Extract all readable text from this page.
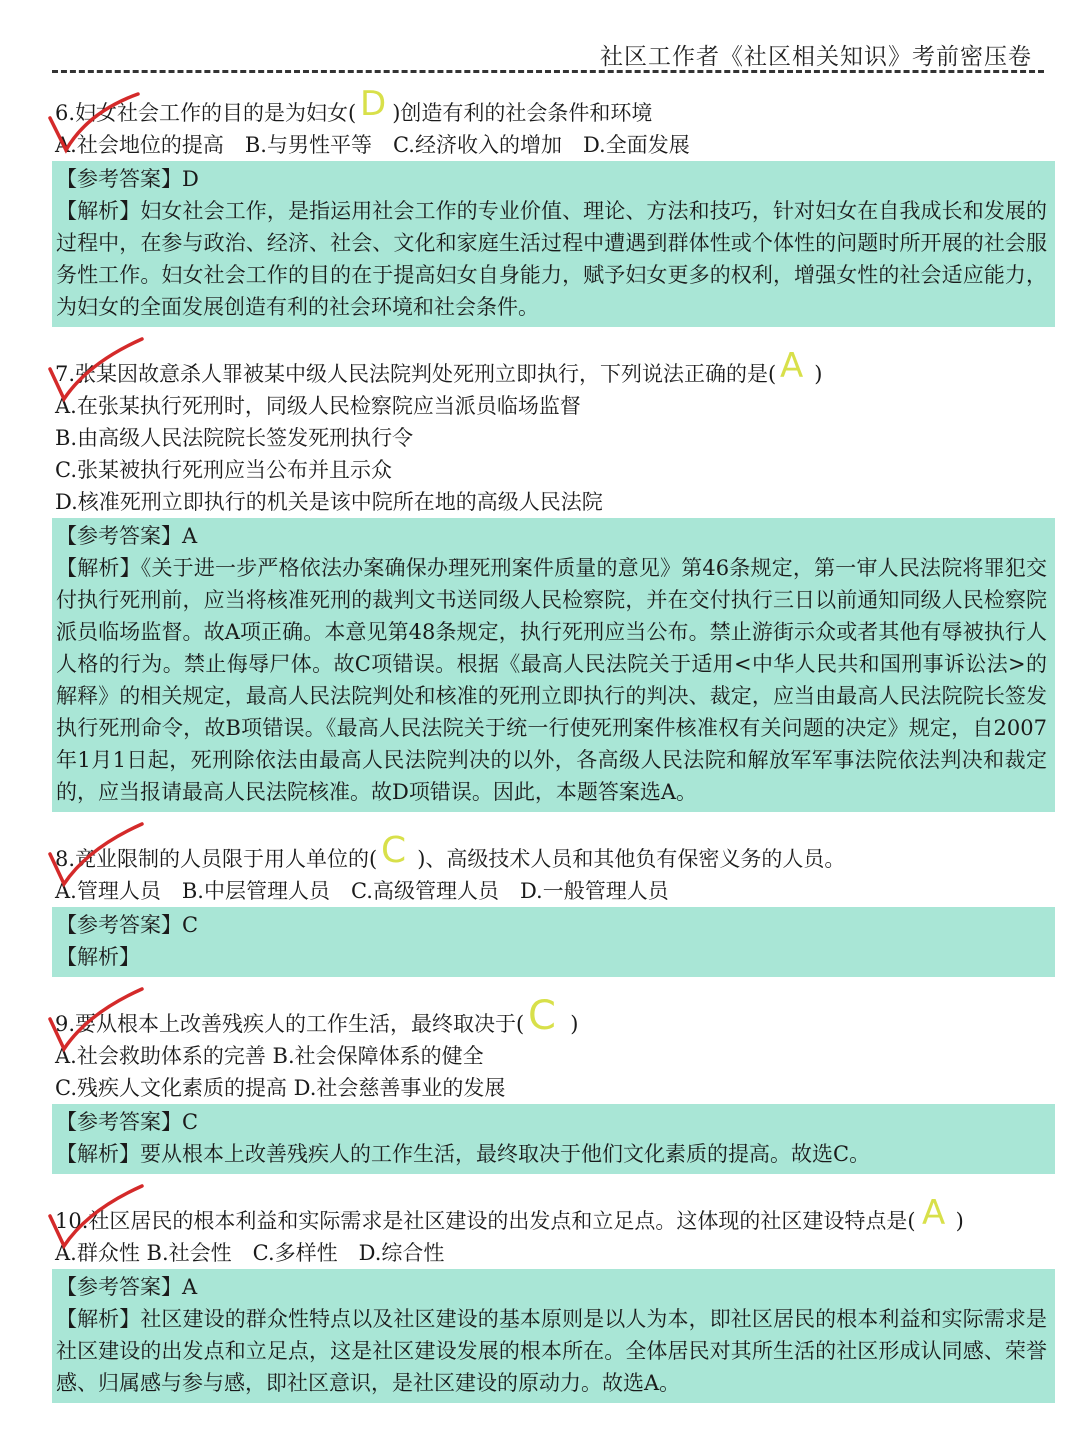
社区工作者《社区相关知识》考前密压卷
6.妇女社会工作的目的是为妇女( D )创造有利的社会条件和环境
A.社会地位的提高　B.与男性平等　C.经济收入的增加　D.全面发展
【参考答案】D
【解析】妇女社会工作，是指运用社会工作的专业价值、理论、方法和技巧，针对妇女在自我成长和发展的过程中，在参与政治、经济、社会、文化和家庭生活过程中遭遇到群体性或个体性的问题时所开展的社会服务性工作。妇女社会工作的目的在于提高妇女自身能力，赋予妇女更多的权利，增强女性的社会适应能力，为妇女的全面发展创造有利的社会环境和社会条件。
7.张某因故意杀人罪被某中级人民法院判处死刑立即执行，下列说法正确的是( A )
A.在张某执行死刑时，同级人民检察院应当派员临场监督
B.由高级人民法院院长签发死刑执行令
C.张某被执行死刑应当公布并且示众
D.核准死刑立即执行的机关是该中院所在地的高级人民法院
【参考答案】A
【解析】《关于进一步严格依法办案确保办理死刑案件质量的意见》第46条规定，第一审人民法院将罪犯交付执行死刑前，应当将核准死刑的裁判文书送同级人民检察院，并在交付执行三日以前通知同级人民检察院派员临场监督。故A项正确。本意见第48条规定，执行死刑应当公布。禁止游街示众或者其他有辱被执行人人格的行为。禁止侮辱尸体。故C项错误。根据《最高人民法院关于适用<中华人民共和国刑事诉讼法>的解释》的相关规定，最高人民法院判处和核准的死刑立即执行的判决、裁定，应当由最高人民法院院长签发执行死刑命令，故B项错误。《最高人民法院关于统一行使死刑案件核准权有关问题的决定》规定，自2007年1月1日起，死刑除依法由最高人民法院判决的以外，各高级人民法院和解放军军事法院依法判决和裁定的，应当报请最高人民法院核准。故D项错误。因此，本题答案选A。
8.竞业限制的人员限于用人单位的( C )、高级技术人员和其他负有保密义务的人员。
A.管理人员　B.中层管理人员　C.高级管理人员　D.一般管理人员
【参考答案】C
【解析】
9.要从根本上改善残疾人的工作生活，最终取决于( C )
A.社会救助体系的完善 B.社会保障体系的健全
C.残疾人文化素质的提高 D.社会慈善事业的发展
【参考答案】C
【解析】要从根本上改善残疾人的工作生活，最终取决于他们文化素质的提高。故选C。
10.社区居民的根本利益和实际需求是社区建设的出发点和立足点。这体现的社区建设特点是( A )
A.群众性 B.社会性　C.多样性　D.综合性
【参考答案】A
【解析】社区建设的群众性特点以及社区建设的基本原则是以人为本，即社区居民的根本利益和实际需求是社区建设的出发点和立足点，这是社区建设发展的根本所在。全体居民对其所生活的社区形成认同感、荣誉感、归属感与参与感，即社区意识，是社区建设的原动力。故选A。
